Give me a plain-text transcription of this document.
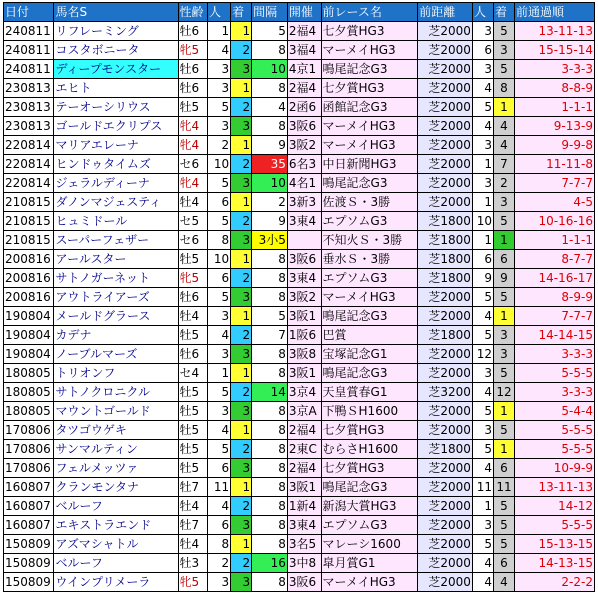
日付	馬名S	性齢	人	着	間隔	開催	前レース名	前距離	人	着	前通過順
240811	リフレーミング	牡6	1	1	5	2福4	七夕賞HG3	芝2000	3	5	13-11-13
240811	コスタボニータ	牝5	4	2	8	3福4	マーメイHG3	芝2000	6	3	15-15-14
240811	ディープモンスター	牡6	3	3	10	4京1	鳴尾記念G3	芝2000	3	5	3-3-3
230813	エヒト	牡6	3	1	8	2福4	七夕賞HG3	芝2000	4	8	8-8-9
230813	テーオーシリウス	牡5	5	2	4	2函6	函館記念G3	芝2000	5	1	1-1-1
230813	ゴールドエクリプス	牝4	3	3	8	3阪6	マーメイHG3	芝2000	4	4	9-13-9
220814	マリアエレーナ	牝4	2	1	9	3阪2	マーメイHG3	芝2000	3	4	9-9-8
220814	ヒンドゥタイムズ	セ6	10	2	35	6名3	中日新聞HG3	芝2000	1	7	11-11-8
220814	ジェラルディーナ	牝4	5	3	10	4名1	鳴尾記念G3	芝2000	3	2	7-7-7
210815	ダノンマジェスティ	牡4	6	1	2	3新3	佐渡Ｓ・3勝	芝2000	1	3	4-5
210815	ヒュミドール	セ5	5	2	9	3東4	エプソムG3	芝1800	10	5	10-16-16
210815	スーパーフェザー	セ6	8	3	3小5		不知火Ｓ・3勝	芝1800	1	1	1-1-1
200816	アールスター	牡5	10	1	8	3阪6	垂水Ｓ・3勝	芝1800	6	6	8-7-7
200816	サトノガーネット	牝5	6	2	8	3東4	エプソムG3	芝1800	9	9	14-16-17
200816	アウトライアーズ	牡6	5	3	8	3阪2	マーメイHG3	芝2000	5	5	8-9-9
190804	メールドグラース	牡4	3	1	5	3阪1	鳴尾記念G3	芝2000	4	1	7-7-7
190804	カデナ	牡5	4	2	7	1阪6	巴賞	芝1800	5	3	14-14-15
190804	ノーブルマーズ	牡6	3	3	8	3阪8	宝塚記念G1	芝2000	12	3	3-3-3
180805	トリオンフ	セ4	1	1	8	3阪1	鳴尾記念G3	芝2000	3	5	5-5-5
180805	サトノクロニクル	牡5	5	2	14	3京4	天皇賞春G1	芝3200	4	12	3-3-3
180805	マウントゴールド	牡5	3	3	8	3京A	下鴨ＳH1600	芝2000	5	1	5-4-4
170806	タツゴウゲキ	牡5	4	1	8	2福4	七夕賞HG3	芝2000	3	5	5-5-5
170806	サンマルティン	牡5	5	2	8	2東C	むらさH1600	芝1800	5	1	5-5-5
170806	フェルメッツァ	牡5	6	3	8	2福4	七夕賞HG3	芝2000	4	6	10-9-9
160807	クランモンタナ	牡7	11	1	8	3阪1	鳴尾記念G3	芝2000	11	11	13-11-13
160807	ベルーフ	牡4	4	2	8	1新4	新潟大賞HG3	芝2000	1	5	14-12
160807	エキストラエンド	牡7	6	3	8	3東4	エプソムG3	芝2000	3	5	5-5-5
150809	アズマシャトル	牡4	8	1	8	3名5	マレーシ1600	芝2000	5	5	15-13-15
150809	ベルーフ	牡3	2	2	16	3中8	皐月賞G1	芝2000	4	6	14-13-15
150809	ウインプリメーラ	牝5	3	3	8	3阪6	マーメイHG3	芝2000	4	4	2-2-2
